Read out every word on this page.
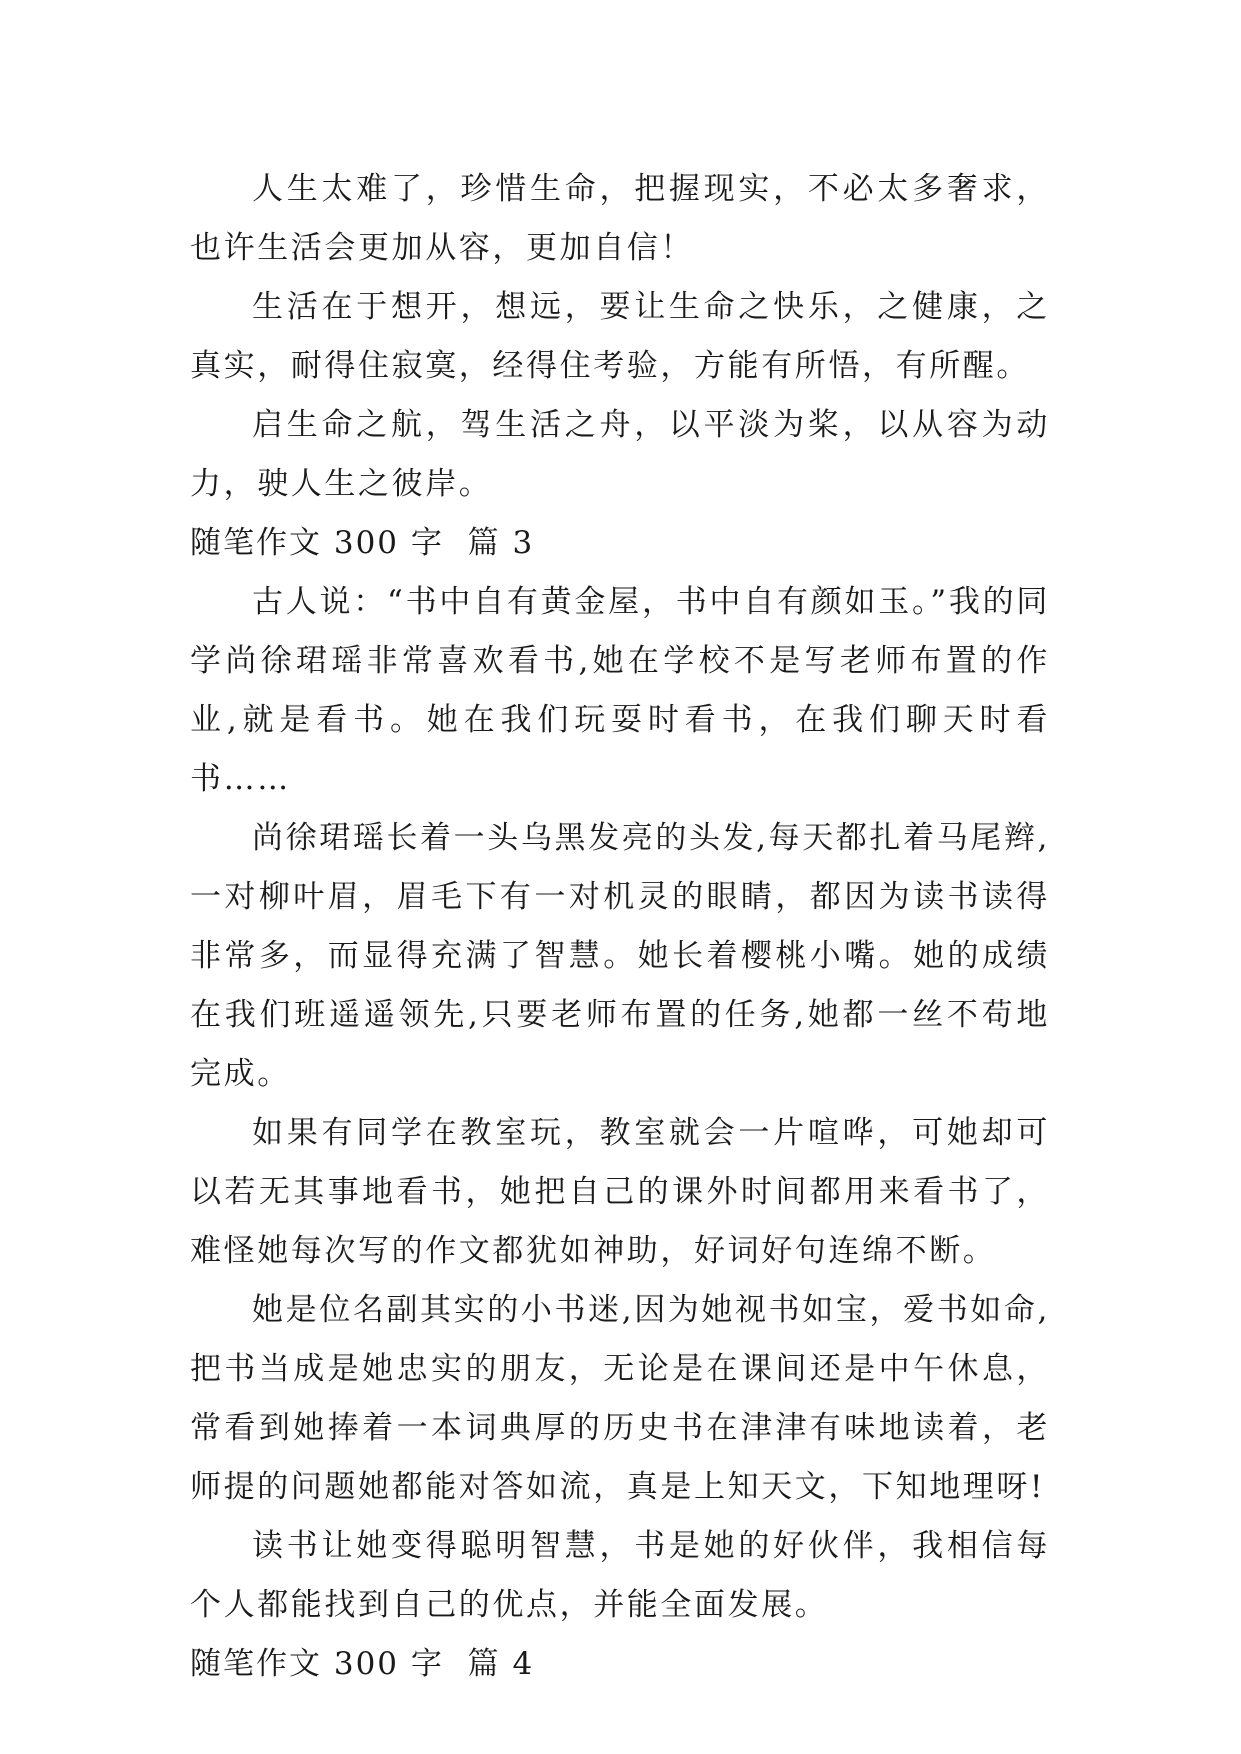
人生太难了，珍惜生命，把握现实，不必太多奢求，也许生活会更加从容，更加自信！

生活在于想开，想远，要让生命之快乐，之健康，之真实，耐得住寂寞，经得住考验，方能有所悟，有所醒。

启生命之航，驾生活之舟，以平淡为桨，以从容为动力，驶人生之彼岸。

随笔作文 300 字  篇 3

古人说：“书中自有黄金屋，书中自有颜如玉。”我的同学尚徐珺瑶非常喜欢看书,她在学校不是写老师布置的作业,就是看书。她在我们玩耍时看书，在我们聊天时看书……

尚徐珺瑶长着一头乌黑发亮的头发,每天都扎着马尾辫,一对柳叶眉，眉毛下有一对机灵的眼睛，都因为读书读得非常多，而显得充满了智慧。她长着樱桃小嘴。她的成绩在我们班遥遥领先,只要老师布置的任务,她都一丝不苟地完成。

如果有同学在教室玩，教室就会一片喧哗，可她却可以若无其事地看书，她把自己的课外时间都用来看书了，难怪她每次写的作文都犹如神助，好词好句连绵不断。

她是位名副其实的小书迷,因为她视书如宝，爱书如命,把书当成是她忠实的朋友，无论是在课间还是中午休息，常看到她捧着一本词典厚的历史书在津津有味地读着，老师提的问题她都能对答如流，真是上知天文，下知地理呀!

读书让她变得聪明智慧，书是她的好伙伴，我相信每个人都能找到自己的优点，并能全面发展。

随笔作文 300 字  篇 4
